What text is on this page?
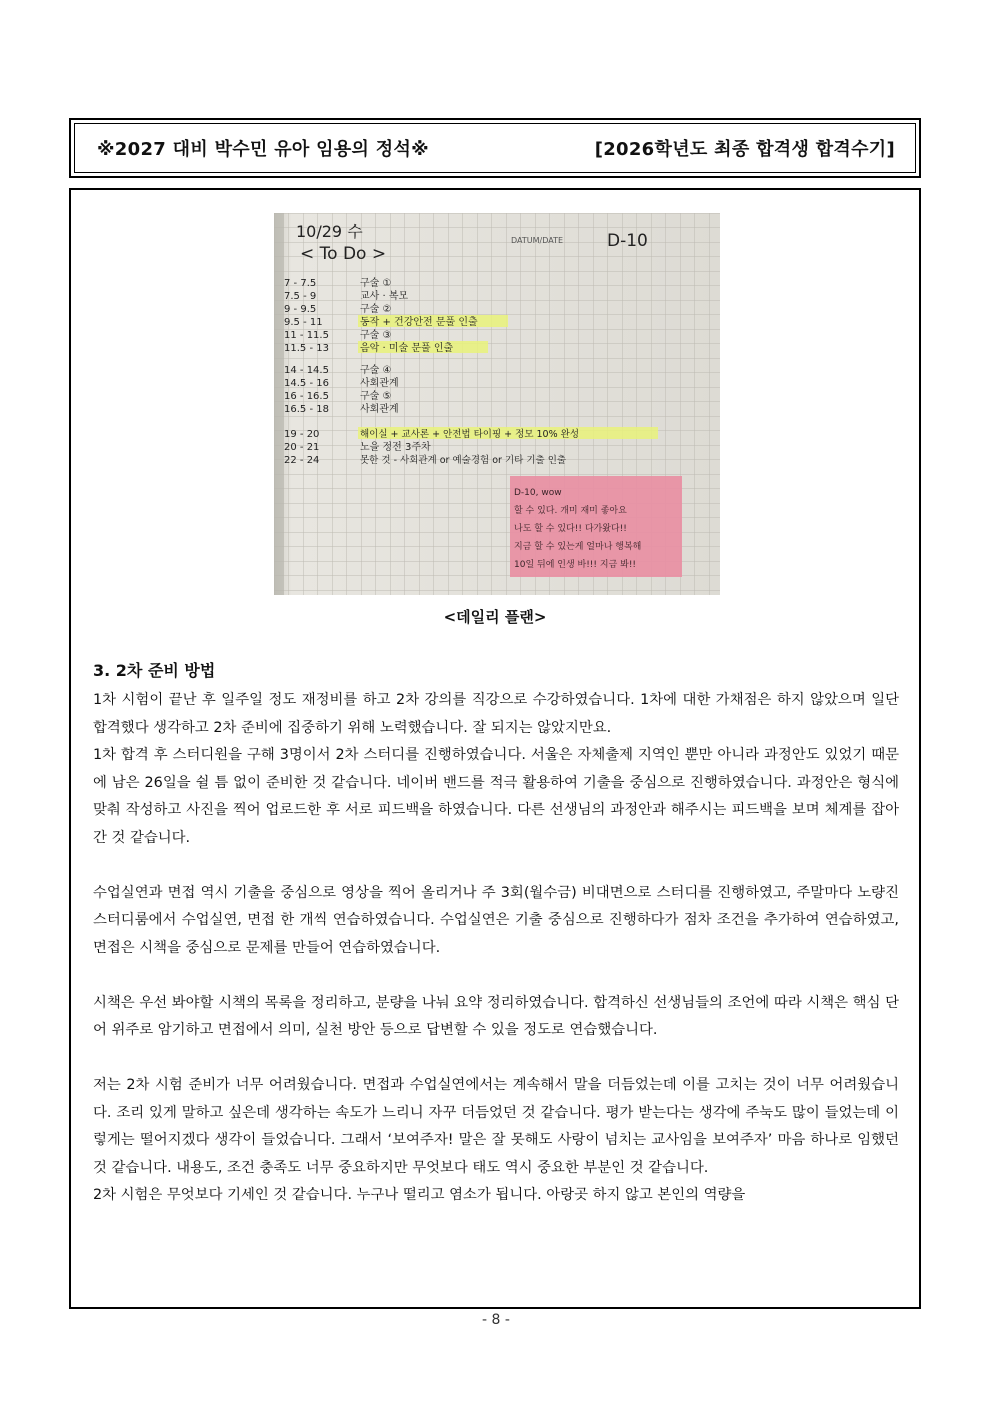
※2027 대비 박수민 유아 임용의 정석※	[2026학년도 최종 합격생 합격수기]
10/29 수
< To Do >
DATUM/DATE	D-10
7 - 7.5	구술 ①
7.5 - 9	교사 · 복모
9 - 9.5	구술 ②
9.5 - 11	동작 + 건강안전 문풀 인출
11 - 11.5	구술 ③
11.5 - 13	음악 · 미술 문풀 인출
14 - 14.5	구술 ④
14.5 - 16	사회관계
16 - 16.5	구술 ⑤
16.5 - 18	사회관계
19 - 20	해이실 + 교사론 + 안전법 타이핑 + 정모 10% 완성
20 - 21	노을 정전 3주차
22 - 24	못한 것 - 사회관계 or 예술경험 or 기타 기출 인출
D-10, wow
할 수 있다. 개미 재미 좋아요
나도 할 수 있다!! 다가왔다!!
지금 할 수 있는게 얼마나 행복해
10일 뒤에 인생 바!!! 지금 봐!!
<데일리 플랜>
3. 2차 준비 방법

1차 시험이 끝난 후 일주일 정도 재정비를 하고 2차 강의를 직강으로 수강하였습니다. 1차에 대한 가채점은 하지 않았으며 일단 합격했다 생각하고 2차 준비에 집중하기 위해 노력했습니다. 잘 되지는 않았지만요.

1차 합격 후 스터디원을 구해 3명이서 2차 스터디를 진행하였습니다. 서울은 자체출제 지역인 뿐만 아니라 과정안도 있었기 때문에 남은 26일을 쉴 틈 없이 준비한 것 같습니다. 네이버 밴드를 적극 활용하여 기출을 중심으로 진행하였습니다. 과정안은 형식에 맞춰 작성하고 사진을 찍어 업로드한 후 서로 피드백을 하였습니다. 다른 선생님의 과정안과 해주시는 피드백을 보며 체계를 잡아간 것 같습니다.

수업실연과 면접 역시 기출을 중심으로 영상을 찍어 올리거나 주 3회(월수금) 비대면으로 스터디를 진행하였고, 주말마다 노량진 스터디룸에서 수업실연, 면접 한 개씩 연습하였습니다. 수업실연은 기출 중심으로 진행하다가 점차 조건을 추가하여 연습하였고, 면접은 시책을 중심으로 문제를 만들어 연습하였습니다.

시책은 우선 봐야할 시책의 목록을 정리하고, 분량을 나눠 요약 정리하였습니다. 합격하신 선생님들의 조언에 따라 시책은 핵심 단어 위주로 암기하고 면접에서 의미, 실천 방안 등으로 답변할 수 있을 정도로 연습했습니다.

저는 2차 시험 준비가 너무 어려웠습니다. 면접과 수업실연에서는 계속해서 말을 더듬었는데 이를 고치는 것이 너무 어려웠습니다. 조리 있게 말하고 싶은데 생각하는 속도가 느리니 자꾸 더듬었던 것 같습니다. 평가 받는다는 생각에 주눅도 많이 들었는데 이렇게는 떨어지겠다 생각이 들었습니다. 그래서 ‘보여주자! 말은 잘 못해도 사랑이 넘치는 교사임을 보여주자’ 마음 하나로 임했던 것 같습니다. 내용도, 조건 충족도 너무 중요하지만 무엇보다 태도 역시 중요한 부분인 것 같습니다.

2차 시험은 무엇보다 기세인 것 같습니다. 누구나 떨리고 염소가 됩니다. 아랑곳 하지 않고 본인의 역량을

- 8 -
